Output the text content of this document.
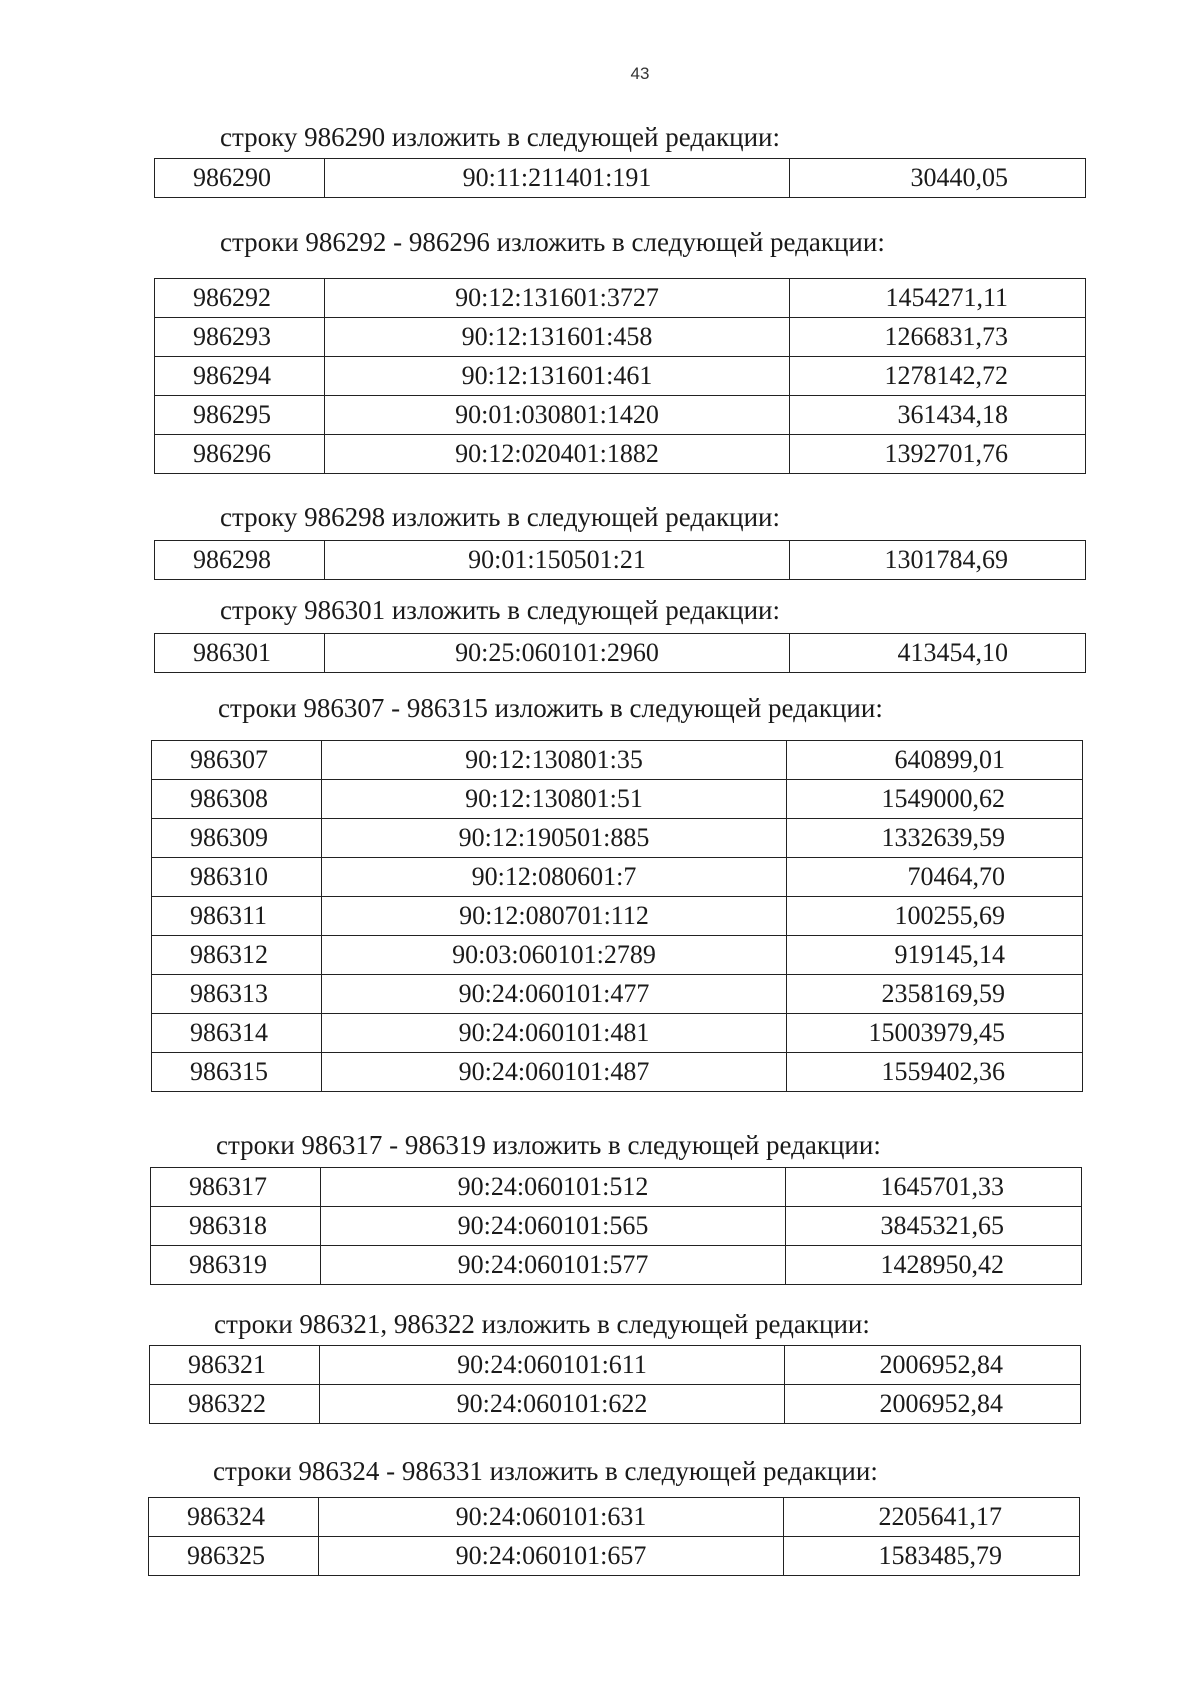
43
строку 986290 изложить в следующей редакции:
986290	90:11:211401:191	30440,05
строки 986292 - 986296 изложить в следующей редакции:
986292	90:12:131601:3727	1454271,11
986293	90:12:131601:458	1266831,73
986294	90:12:131601:461	1278142,72
986295	90:01:030801:1420	361434,18
986296	90:12:020401:1882	1392701,76
строку 986298 изложить в следующей редакции:
986298	90:01:150501:21	1301784,69
строку 986301 изложить в следующей редакции:
986301	90:25:060101:2960	413454,10
строки 986307 - 986315 изложить в следующей редакции:
986307	90:12:130801:35	640899,01
986308	90:12:130801:51	1549000,62
986309	90:12:190501:885	1332639,59
986310	90:12:080601:7	70464,70
986311	90:12:080701:112	100255,69
986312	90:03:060101:2789	919145,14
986313	90:24:060101:477	2358169,59
986314	90:24:060101:481	15003979,45
986315	90:24:060101:487	1559402,36
строки 986317 - 986319 изложить в следующей редакции:
986317	90:24:060101:512	1645701,33
986318	90:24:060101:565	3845321,65
986319	90:24:060101:577	1428950,42
строки 986321, 986322 изложить в следующей редакции:
986321	90:24:060101:611	2006952,84
986322	90:24:060101:622	2006952,84
строки 986324 - 986331 изложить в следующей редакции:
986324	90:24:060101:631	2205641,17
986325	90:24:060101:657	1583485,79
